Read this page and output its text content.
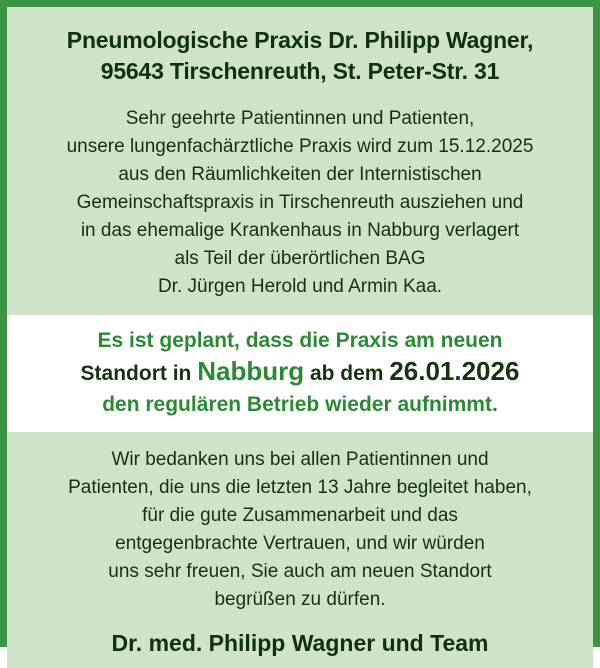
Pneumologische Praxis Dr. Philipp Wagner,
95643 Tirschenreuth, St. Peter-Str. 31
Sehr geehrte Patientinnen und Patienten,
unsere lungenfachärztliche Praxis wird zum 15.12.2025
aus den Räumlichkeiten der Internistischen
Gemeinschaftspraxis in Tirschenreuth ausziehen und
in das ehemalige Krankenhaus in Nabburg verlagert
als Teil der überörtlichen BAG
Dr. Jürgen Herold und Armin Kaa.
Es ist geplant, dass die Praxis am neuen
Standort in Nabburg ab dem 26.01.2026
den regulären Betrieb wieder aufnimmt.
Wir bedanken uns bei allen Patientinnen und
Patienten, die uns die letzten 13 Jahre begleitet haben,
für die gute Zusammenarbeit und das
entgegenbrachte Vertrauen, und wir würden
uns sehr freuen, Sie auch am neuen Standort
begrüßen zu dürfen.
Dr. med. Philipp Wagner und Team
